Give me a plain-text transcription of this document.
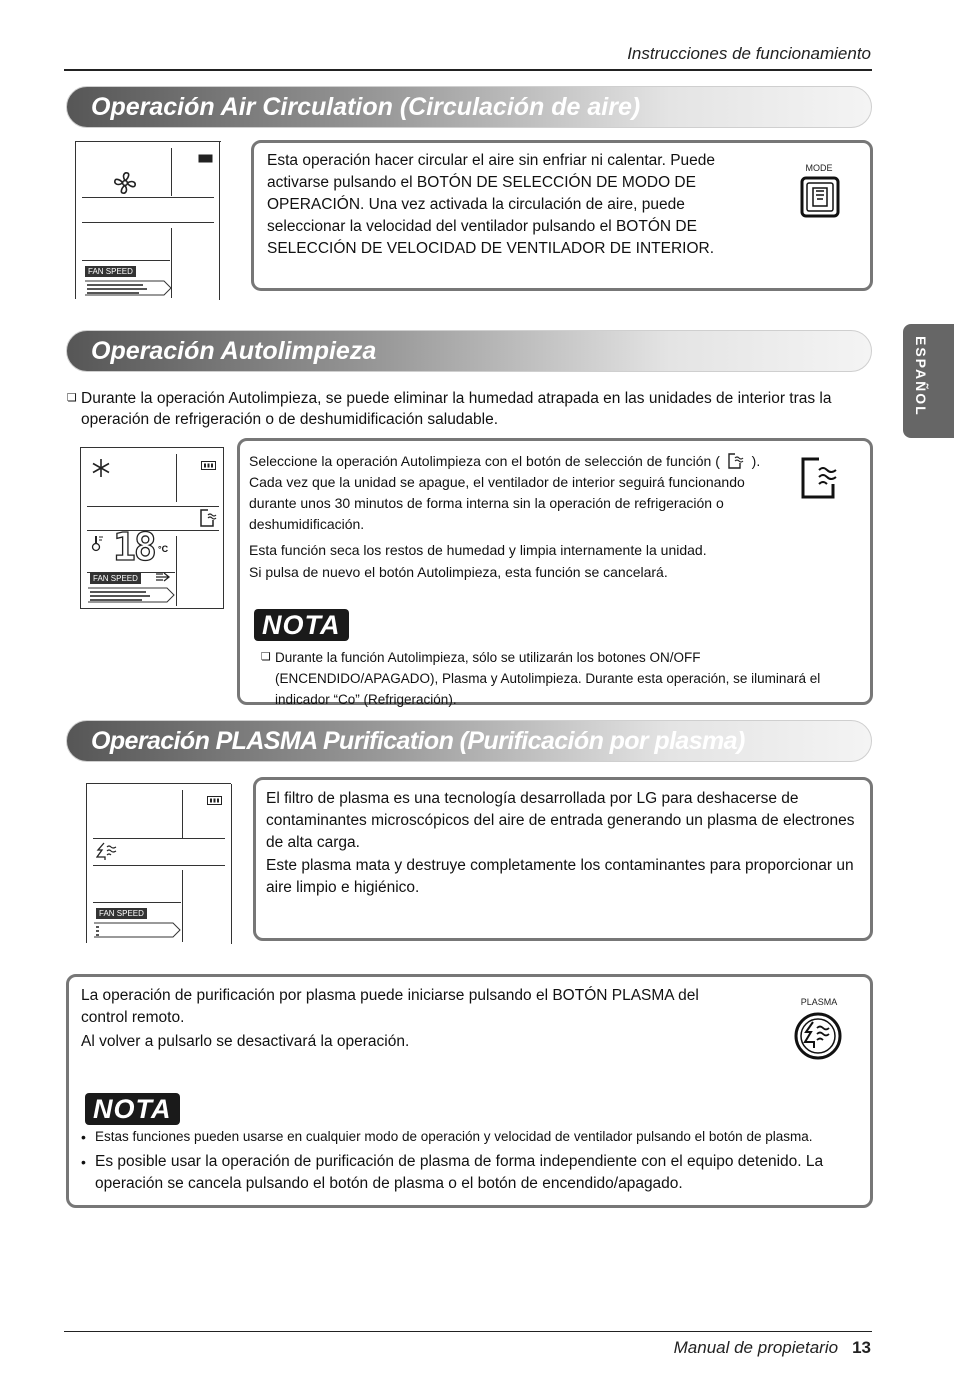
Instrucciones de funcionamiento
ESPAÑOL
Operación Air Circulation (Circulación de aire)
FAN SPEED
Esta operación hacer circular el aire sin enfriar ni calentar. Puede activarse pulsando el BOTÓN DE SELECCIÓN DE MODO DE OPERACIÓN. Una vez activada la circulación de aire, puede seleccionar la velocidad del ventilador pulsando el BOTÓN DE SELECCIÓN DE VELOCIDAD DE VENTILADOR DE INTERIOR.
MODE
Operación Autolimpieza
❏ Durante la operación Autolimpieza, se puede eliminar la humedad atrapada en las unidades de interior tras la operación de refrigeración o de deshumidificación saludable.
18 °C
FAN SPEED
Seleccione la operación Autolimpieza con el botón de selección de función ( ). Cada vez que la unidad se apague, el ventilador de interior seguirá funcionando durante unos 30 minutos de forma interna sin la operación de refrigeración o deshumidificación.
Esta función seca los restos de humedad y limpia internamente la unidad.
Si pulsa de nuevo el botón Autolimpieza, esta función se cancelará.
NOTA
❏ Durante la función Autolimpieza, sólo se utilizarán los botones ON/OFF (ENCENDIDO/APAGADO), Plasma y Autolimpieza. Durante esta operación, se iluminará el indicador “Co” (Refrigeración).
Operación PLASMA Purification (Purificación por plasma)
FAN SPEED
El filtro de plasma es una tecnología desarrollada por LG para deshacerse de contaminantes microscópicos del aire de entrada generando un plasma de electrones de alta carga.
Este plasma mata y destruye completamente los contaminantes para proporcionar un aire limpio e higiénico.
La operación de purificación por plasma puede iniciarse pulsando el BOTÓN PLASMA del control remoto.
Al volver a pulsarlo se desactivará la operación.
PLASMA
NOTA
• Estas funciones pueden usarse en cualquier modo de operación y velocidad de ventilador pulsando el botón de plasma.
• Es posible usar la operación de purificación de plasma de forma independiente con el equipo detenido. La operación se cancela pulsando el botón de plasma o el botón de encendido/apagado.
Manual de propietario 13
